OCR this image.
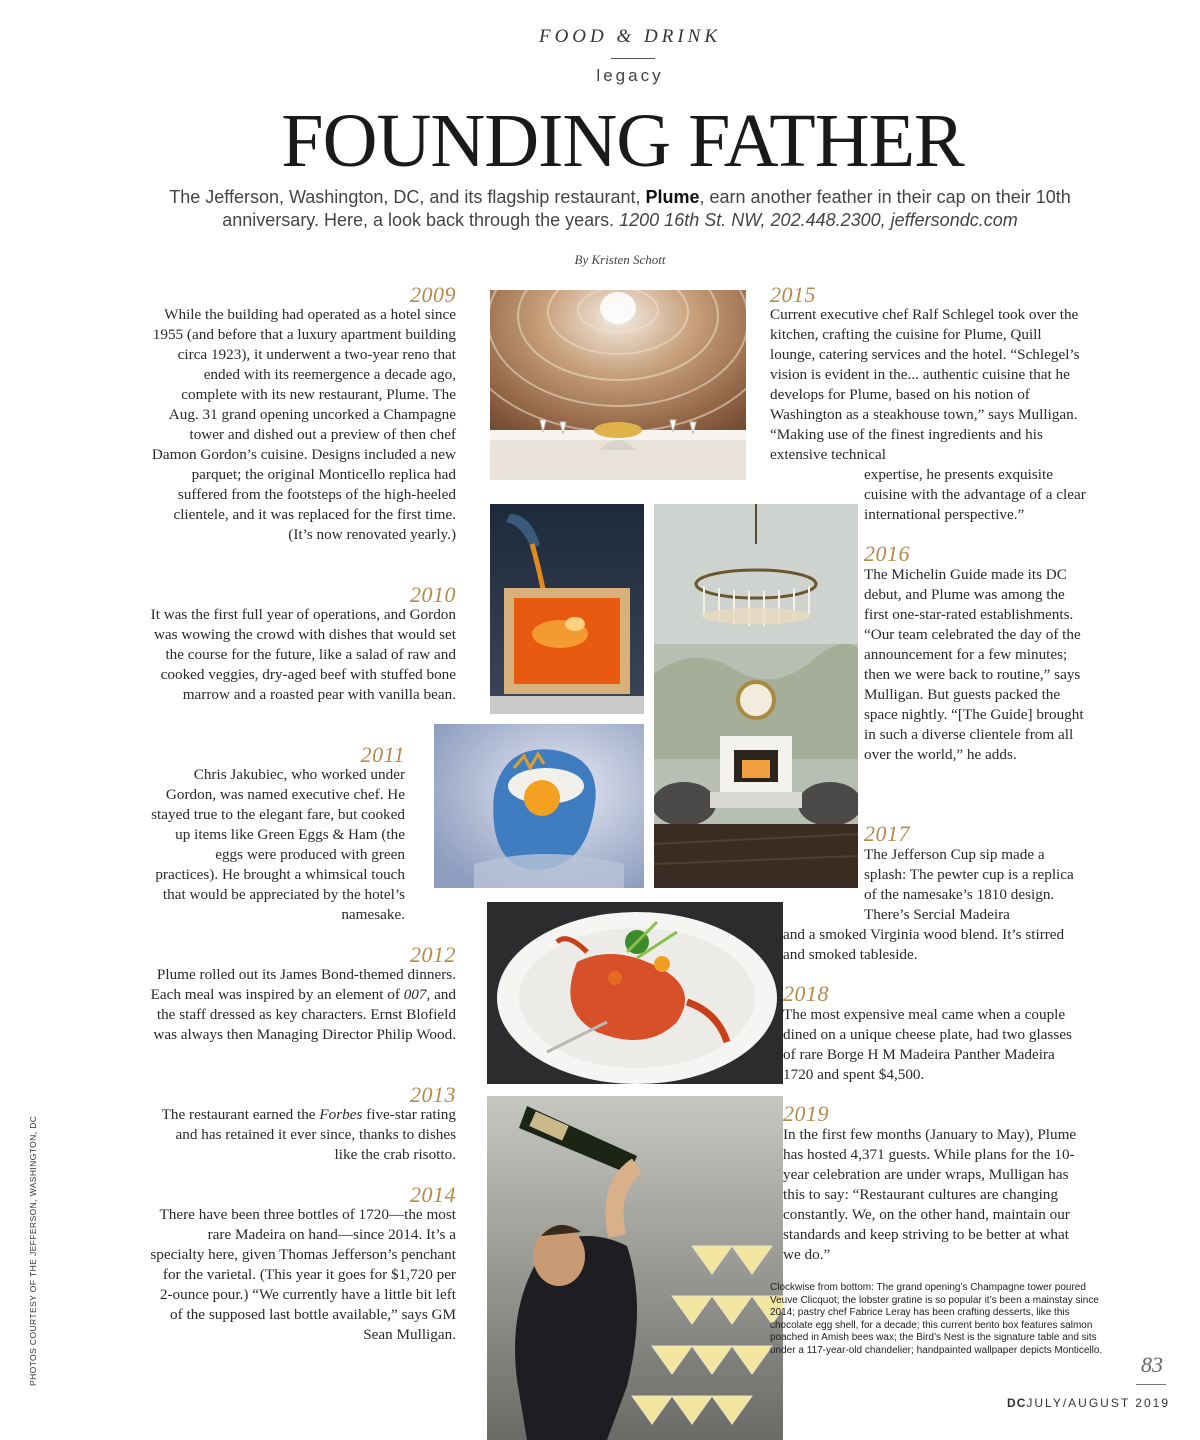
FOOD & DRINK
legacy
FOUNDING FATHER
The Jefferson, Washington, DC, and its flagship restaurant, Plume, earn another feather in their cap on their 10th anniversary. Here, a look back through the years. 1200 16th St. NW, 202.448.2300, jeffersondc.com
By Kristen Schott
2009
While the building had operated as a hotel since 1955 (and before that a luxury apartment building circa 1923), it underwent a two-year reno that ended with its reemergence a decade ago, complete with its new restaurant, Plume. The Aug. 31 grand opening uncorked a Champagne tower and dished out a preview of then chef Damon Gordon’s cuisine. Designs included a new parquet; the original Monticello replica had suffered from the footsteps of the high-heeled clientele, and it was replaced for the first time. (It’s now renovated yearly.)
2010
It was the first full year of operations, and Gordon was wowing the crowd with dishes that would set the course for the future, like a salad of raw and cooked veggies, dry-aged beef with stuffed bone marrow and a roasted pear with vanilla bean.
2011
Chris Jakubiec, who worked under Gordon, was named executive chef. He stayed true to the elegant fare, but cooked up items like Green Eggs & Ham (the eggs were produced with green practices). He brought a whimsical touch that would be appreciated by the hotel’s namesake.
2012
Plume rolled out its James Bond-themed dinners. Each meal was inspired by an element of 007, and the staff dressed as key characters. Ernst Blofield was always then Managing Director Philip Wood.
2013
The restaurant earned the Forbes five-star rating and has retained it ever since, thanks to dishes like the crab risotto.
2014
There have been three bottles of 1720—the most rare Madeira on hand—since 2014. It’s a specialty here, given Thomas Jefferson’s penchant for the varietal. (This year it goes for $1,720 per 2-ounce pour.) “We currently have a little bit left of the supposed last bottle available,” says GM Sean Mulligan.
2015
Current executive chef Ralf Schlegel took over the kitchen, crafting the cuisine for Plume, Quill lounge, catering services and the hotel. “Schlegel’s vision is evident in the... authentic cuisine that he develops for Plume, based on his notion of Washington as a steakhouse town,” says Mulligan. “Making use of the finest ingredients and his extensive technical
expertise, he presents exquisite cuisine with the advantage of a clear international perspective.”
2016
The Michelin Guide made its DC debut, and Plume was among the first one-star-rated establishments. “Our team celebrated the day of the announcement for a few minutes; then we were back to routine,” says Mulligan. But guests packed the space nightly. “[The Guide] brought in such a diverse clientele from all over the world,” he adds.
2017
The Jefferson Cup sip made a splash: The pewter cup is a replica of the namesake’s 1810 design. There’s Sercial Madeira
and a smoked Virginia wood blend. It’s stirred and smoked tableside.
2018
The most expensive meal came when a couple dined on a unique cheese plate, had two glasses of rare Borge H M Madeira Panther Madeira 1720 and spent $4,500.
2019
In the first few months (January to May), Plume has hosted 4,371 guests. While plans for the 10-year celebration are under wraps, Mulligan has this to say: “Restaurant cultures are changing constantly. We, on the other hand, maintain our standards and keep striving to be better at what we do.”
Clockwise from bottom: The grand opening’s Champagne tower poured Veuve Clicquot; the lobster gratine is so popular it’s been a mainstay since 2014; pastry chef Fabrice Leray has been crafting desserts, like this chocolate egg shell, for a decade; this current bento box features salmon poached in Amish bees wax; the Bird’s Nest is the signature table and sits under a 117-year-old chandelier; handpainted wallpaper depicts Monticello.
PHOTOS COURTESY OF THE JEFFERSON, WASHINGTON, DC	83
DCJULY/AUGUST 2019
